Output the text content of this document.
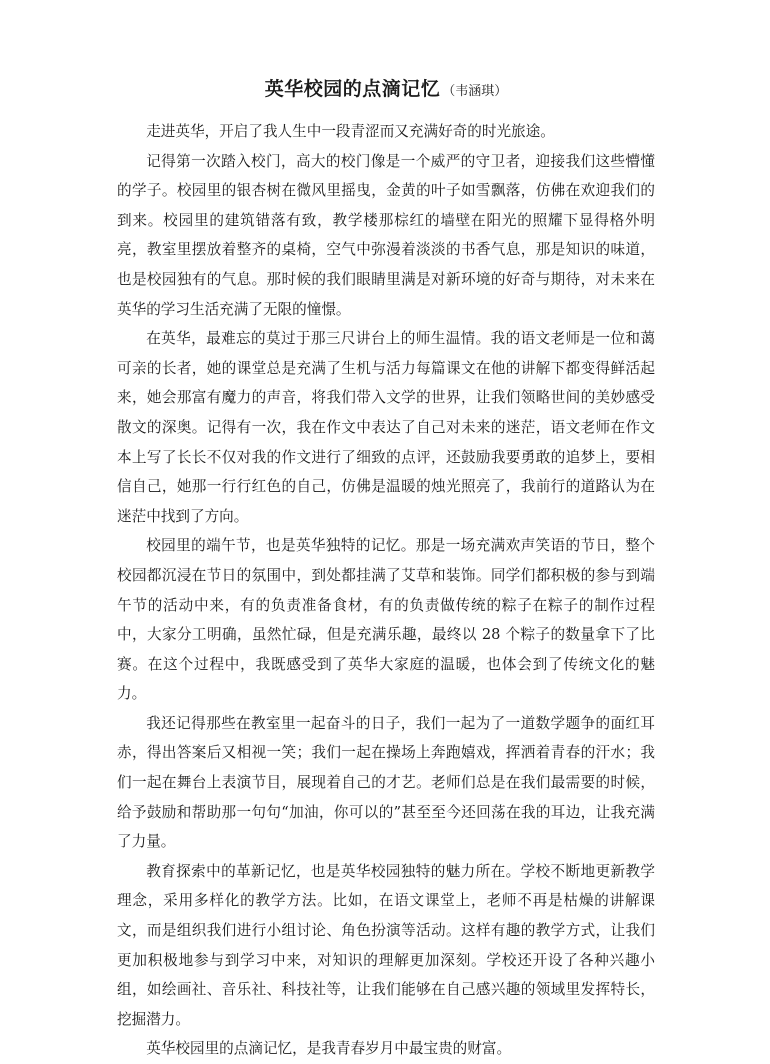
英华校园的点滴记忆 （韦涵琪）

走进英华，开启了我人生中一段青涩而又充满好奇的时光旅途。

记得第一次踏入校门，高大的校门像是一个威严的守卫者，迎接我们这些懵懂的学子。校园里的银杏树在微风里摇曳，金黄的叶子如雪飘落，仿佛在欢迎我们的到来。校园里的建筑错落有致，教学楼那棕红的墙壁在阳光的照耀下显得格外明亮，教室里摆放着整齐的桌椅，空气中弥漫着淡淡的书香气息，那是知识的味道，也是校园独有的气息。那时候的我们眼睛里满是对新环境的好奇与期待，对未来在英华的学习生活充满了无限的憧憬。

在英华，最难忘的莫过于那三尺讲台上的师生温情。我的语文老师是一位和蔼可亲的长者，她的课堂总是充满了生机与活力每篇课文在他的讲解下都变得鲜活起来，她会那富有魔力的声音，将我们带入文学的世界，让我们领略世间的美妙感受散文的深奥。记得有一次，我在作文中表达了自己对未来的迷茫，语文老师在作文本上写了长长不仅对我的作文进行了细致的点评，还鼓励我要勇敢的追梦上，要相信自己，她那一行行红色的自己，仿佛是温暖的烛光照亮了，我前行的道路认为在迷茫中找到了方向。

校园里的端午节，也是英华独特的记忆。那是一场充满欢声笑语的节日，整个校园都沉浸在节日的氛围中，到处都挂满了艾草和装饰。同学们都积极的参与到端午节的活动中来，有的负责准备食材，有的负责做传统的粽子在粽子的制作过程中，大家分工明确，虽然忙碌，但是充满乐趣，最终以 28 个粽子的数量拿下了比赛。在这个过程中，我既感受到了英华大家庭的温暖，也体会到了传统文化的魅力。

我还记得那些在教室里一起奋斗的日子，我们一起为了一道数学题争的面红耳赤，得出答案后又相视一笑；我们一起在操场上奔跑嬉戏，挥洒着青春的汗水；我们一起在舞台上表演节目，展现着自己的才艺。老师们总是在我们最需要的时候，给予鼓励和帮助那一句句“加油，你可以的”甚至至今还回荡在我的耳边，让我充满了力量。

教育探索中的革新记忆，也是英华校园独特的魅力所在。学校不断地更新教学理念，采用多样化的教学方法。比如，在语文课堂上，老师不再是枯燥的讲解课文，而是组织我们进行小组讨论、角色扮演等活动。这样有趣的教学方式，让我们更加积极地参与到学习中来，对知识的理解更加深刻。学校还开设了各种兴趣小组，如绘画社、音乐社、科技社等，让我们能够在自己感兴趣的领域里发挥特长，挖掘潜力。

英华校园里的点滴记忆，是我青春岁月中最宝贵的财富。
